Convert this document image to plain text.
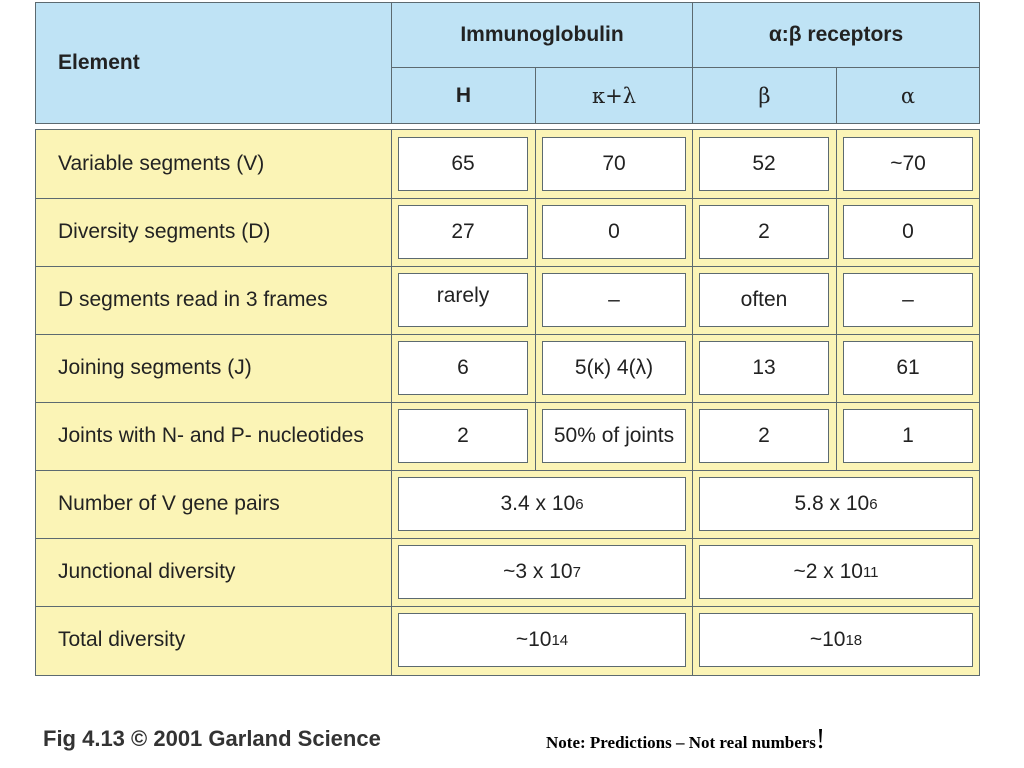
Element
Immunoglobulin	α:β receptors
H	κ+λ	β	α
Variable segments (V)	65	70	52	~70
Diversity segments (D)	27	0	2	0
D segments read in 3 frames	rarely	–	often	–
Joining segments (J)	6	5(κ) 4(λ)	13	61
Joints with N- and P- nucleotides	2	50% of joints	2	1
Number of V gene pairs	3.4 x 10 6	5.8 x 10 6
Junctional diversity	~3 x 10 7	~2 x 10 11
Total diversity	~10 14	~10 18
Fig 4.13 © 2001 Garland Science	Note: Predictions – Not real numbers!
